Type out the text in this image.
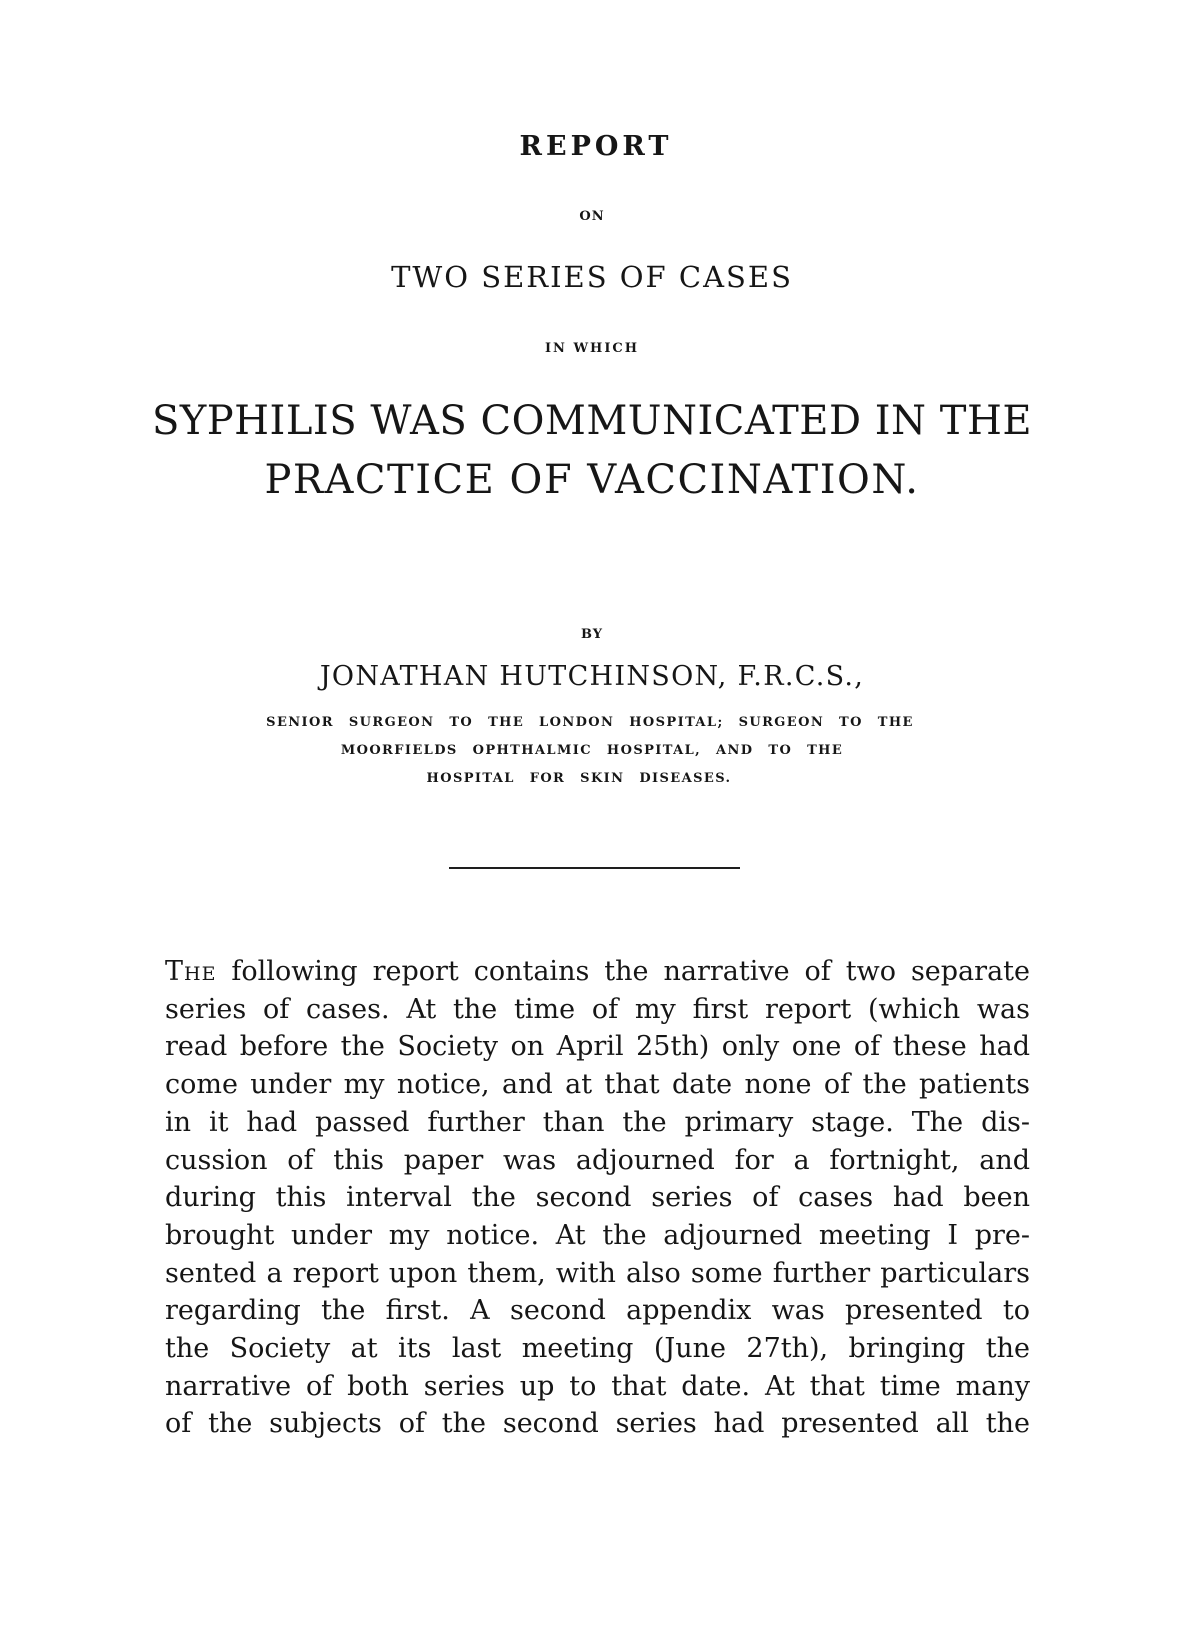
REPORT
ON
TWO SERIES OF CASES
IN WHICH
SYPHILIS WAS COMMUNICATED IN THE
PRACTICE OF VACCINATION.
BY
JONATHAN HUTCHINSON, F.R.C.S.,
SENIOR SURGEON TO THE LONDON HOSPITAL; SURGEON TO THE
MOORFIELDS OPHTHALMIC HOSPITAL, AND TO THE
HOSPITAL FOR SKIN DISEASES.
The following report contains the narrative of two separate
series of cases. At the time of my first report (which was
read before the Society on April 25th) only one of these had
come under my notice, and at that date none of the patients
in it had passed further than the primary stage. The dis-
cussion of this paper was adjourned for a fortnight, and
during this interval the second series of cases had been
brought under my notice. At the adjourned meeting I pre-
sented a report upon them, with also some further particulars
regarding the first. A second appendix was presented to
the Society at its last meeting (June 27th), bringing the
narrative of both series up to that date. At that time many
of the subjects of the second series had presented all the
